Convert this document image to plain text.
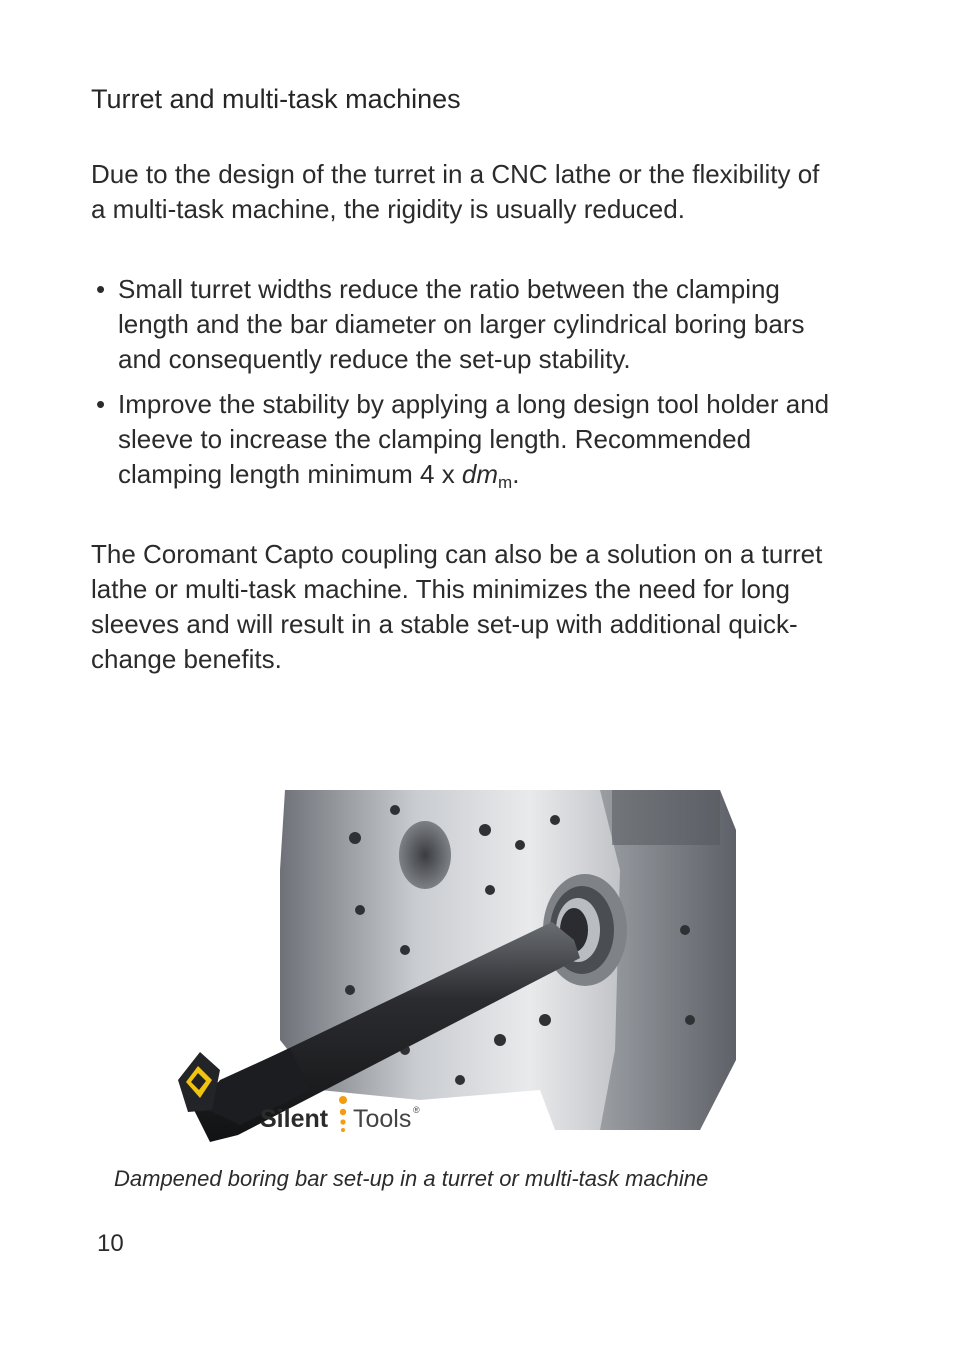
Turret and multi-task machines
Due to the design of the turret in a CNC lathe or the flexibility of a multi-task machine, the rigidity is usually reduced.
• Small turret widths reduce the ratio between the clamping length and the bar diameter on larger cylindrical boring bars and consequently reduce the set-up stability.
• Improve the stability by applying a long design tool holder and sleeve to increase the clamping length. Recommended clamping length minimum 4 x $dm_m$.
The Coromant Capto coupling can also be a solution on a turret lathe or multi-task machine. This minimizes the need for long sleeves and will result in a stable set-up with additional quick-change benefits.
Silent Tools ®
Dampened boring bar set-up in a turret or multi-task machine
10
